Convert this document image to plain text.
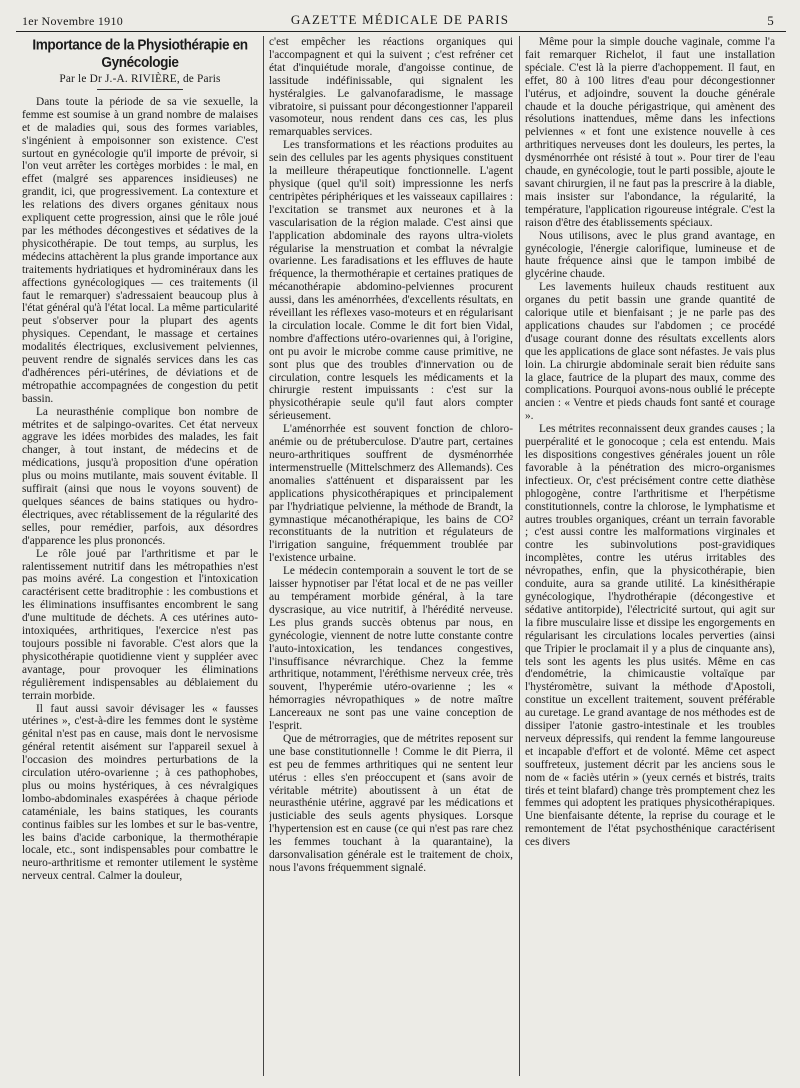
1er Novembre 1910	GAZETTE MÉDICALE DE PARIS	5
Importance de la Physiothérapie en Gynécologie
Par le Dr J.-A. RIVIÈRE, de Paris

Dans toute la période de sa vie sexuelle, la femme est soumise à un grand nombre de malaises et de maladies qui, sous des formes variables, s'ingénient à empoisonner son existence. C'est surtout en gynécologie qu'il importe de prévoir, si l'on veut arrêter les cortèges morbides : le mal, en effet (malgré ses apparences insidieuses) ne grandit, ici, que progressivement. La contexture et les relations des divers organes génitaux nous expliquent cette progression, ainsi que le rôle joué par les méthodes décongestives et sédatives de la physicothérapie. De tout temps, au surplus, les médecins attachèrent la plus grande importance aux traitements hydriatiques et hydrominéraux dans les affections gynécologiques — ces traitements (il faut le remarquer) s'adressaient beaucoup plus à l'état général qu'à l'état local. La même particularité peut s'observer pour la plupart des agents physiques. Cependant, le massage et certaines modalités électriques, exclusivement pelviennes, peuvent rendre de signalés services dans les cas d'adhérences péri-utérines, de déviations et de métropathie accompagnées de congestion du petit bassin.

La neurasthénie complique bon nombre de métrites et de salpingo-ovarites. Cet état nerveux aggrave les idées morbides des malades, les fait changer, à tout instant, de médecins et de médications, jusqu'à proposition d'une opération plus ou moins mutilante, mais souvent évitable. Il suffirait (ainsi que nous le voyons souvent) de quelques séances de bains statiques ou hydro-électriques, avec rétablissement de la régularité des selles, pour remédier, parfois, aux désordres d'apparence les plus prononcés.

Le rôle joué par l'arthritisme et par le ralentissement nutritif dans les métropathies n'est pas moins avéré. La congestion et l'intoxication caractérisent cette braditrophie : les combustions et les éliminations insuffisantes encombrent le sang d'une multitude de déchets. A ces utérines auto-intoxiquées, arthritiques, l'exercice n'est pas toujours possible ni favorable. C'est alors que la physicothérapie quotidienne vient y suppléer avec avantage, pour provoquer les éliminations régulièrement indispensables au déblaiement du terrain morbide.

Il faut aussi savoir dévisager les « fausses utérines », c'est-à-dire les femmes dont le système génital n'est pas en cause, mais dont le nervosisme général retentit aisément sur l'appareil sexuel à l'occasion des moindres perturbations de la circulation utéro-ovarienne ; à ces pathophobes, plus ou moins hystériques, à ces névralgiques lombo-abdominales exaspérées à chaque période cataméniale, les bains statiques, les courants continus faibles sur les lombes et sur le bas-ventre, les bains d'acide carbonique, la thermothérapie locale, etc., sont indispensables pour combattre le neuro-arthritisme et remonter utilement le système nerveux central. Calmer la douleur,

c'est empêcher les réactions organiques qui l'accompagnent et qui la suivent ; c'est refréner cet état d'inquiétude morale, d'angoisse continue, de lassitude indéfinissable, qui signalent les hystéralgies. Le galvanofaradisme, le massage vibratoire, si puissant pour décongestionner l'appareil vasomoteur, nous rendent dans ces cas, les plus remarquables services.

Les transformations et les réactions produites au sein des cellules par les agents physiques constituent la meilleure thérapeutique fonctionnelle. L'agent physique (quel qu'il soit) impressionne les nerfs centripètes périphériques et les vaisseaux capillaires : l'excitation se transmet aux neurones et à la vascularisation de la région malade. C'est ainsi que l'application abdominale des rayons ultra-violets régularise la menstruation et combat la névralgie ovarienne. Les faradisations et les effluves de haute fréquence, la thermothérapie et certaines pratiques de mécanothérapie abdomino-pelviennes procurent aussi, dans les aménorrhées, d'excellents résultats, en réveillant les réflexes vaso-moteurs et en régularisant la circulation locale. Comme le dit fort bien Vidal, nombre d'affections utéro-ovariennes qui, à l'origine, ont pu avoir le microbe comme cause primitive, ne sont plus que des troubles d'innervation ou de circulation, contre lesquels les médicaments et la chirurgie restent impuissants : c'est sur la physicothérapie seule qu'il faut alors compter sérieusement.

L'aménorrhée est souvent fonction de chloro-anémie ou de prétuberculose. D'autre part, certaines neuro-arthritiques souffrent de dysménorrhée intermenstruelle (Mittelschmerz des Allemands). Ces anomalies s'atténuent et disparaissent par les applications physicothérapiques et principalement par l'hydriatique pelvienne, la méthode de Brandt, la gymnastique mécanothérapique, les bains de CO² reconstituants de la nutrition et régulateurs de l'irrigation sanguine, fréquemment troublée par l'existence urbaine.

Le médecin contemporain a souvent le tort de se laisser hypnotiser par l'état local et de ne pas veiller au tempérament morbide général, à la tare dyscrasique, au vice nutritif, à l'hérédité nerveuse. Les plus grands succès obtenus par nous, en gynécologie, viennent de notre lutte constante contre l'auto-intoxication, les tendances congestives, l'insuffisance névrarchique. Chez la femme arthritique, notamment, l'éréthisme nerveux crée, très souvent, l'hyperémie utéro-ovarienne ; les « hémorragies névropathiques » de notre maître Lancereaux ne sont pas une vaine conception de l'esprit.

Que de métrorragies, que de métrites reposent sur une base constitutionnelle ! Comme le dit Pierra, il est peu de femmes arthritiques qui ne sentent leur utérus : elles s'en préoccupent et (sans avoir de véritable métrite) aboutissent à un état de neurasthénie utérine, aggravé par les médications et justiciable des seuls agents physiques. Lorsque l'hypertension est en cause (ce qui n'est pas rare chez les femmes touchant à la quarantaine), la darsonvalisation générale est le traitement de choix, nous l'avons fréquemment signalé.

Même pour la simple douche vaginale, comme l'a fait remarquer Richelot, il faut une installation spéciale. C'est là la pierre d'achoppement. Il faut, en effet, 80 à 100 litres d'eau pour décongestionner l'utérus, et adjoindre, souvent la douche générale chaude et la douche périgastrique, qui amènent des résolutions inattendues, même dans les infections pelviennes « et font une existence nouvelle à ces arthritiques nerveuses dont les douleurs, les pertes, la dysménorrhée ont résisté à tout ». Pour tirer de l'eau chaude, en gynécologie, tout le parti possible, ajoute le savant chirurgien, il ne faut pas la prescrire à la diable, mais insister sur l'abondance, la régularité, la température, l'application rigoureuse intégrale. C'est la raison d'être des établissements spéciaux.

Nous utilisons, avec le plus grand avantage, en gynécologie, l'énergie calorifique, lumineuse et de haute fréquence ainsi que le tampon imbibé de glycérine chaude.

Les lavements huileux chauds restituent aux organes du petit bassin une grande quantité de calorique utile et bienfaisant ; je ne parle pas des applications chaudes sur l'abdomen ; ce procédé d'usage courant donne des résultats excellents alors que les applications de glace sont néfastes. Je vais plus loin. La chirurgie abdominale serait bien réduite sans la glace, fautrice de la plupart des maux, comme des complications. Pourquoi avons-nous oublié le précepte ancien : « Ventre et pieds chauds font santé et courage ».

Les métrites reconnaissent deux grandes causes ; la puerpéralité et le gonocoque ; cela est entendu. Mais les dispositions congestives générales jouent un rôle favorable à la pénétration des micro-organismes infectieux. Or, c'est précisément contre cette diathèse phlogogène, contre l'arthritisme et l'herpétisme constitutionnels, contre la chlorose, le lymphatisme et autres troubles organiques, créant un terrain favorable ; c'est aussi contre les malformations virginales et contre les subinvolutions post-gravidiques incomplètes, contre les utérus irritables des névropathes, enfin, que la physicothérapie, bien conduite, aura sa grande utilité. La kinésithérapie gynécologique, l'hydrothérapie (décongestive et sédative antitorpide), l'électricité surtout, qui agit sur la fibre musculaire lisse et dissipe les engorgements en régularisant les circulations locales perverties (ainsi que Tripier le proclamait il y a plus de cinquante ans), tels sont les agents les plus usités. Même en cas d'endométrie, la chimicaustie voltaïque par l'hystéromètre, suivant la méthode d'Apostoli, constitue un excellent traitement, souvent préférable au curetage. Le grand avantage de nos méthodes est de dissiper l'atonie gastro-intestinale et les troubles nerveux dépressifs, qui rendent la femme langoureuse et incapable d'effort et de volonté. Même cet aspect souffreteux, justement décrit par les anciens sous le nom de « faciès utérin » (yeux cernés et bistrés, traits tirés et teint blafard) change très promptement chez les femmes qui adoptent les pratiques physicothérapiques. Une bienfaisante détente, la reprise du courage et le remontement de l'état psychosthénique caractérisent ces divers
